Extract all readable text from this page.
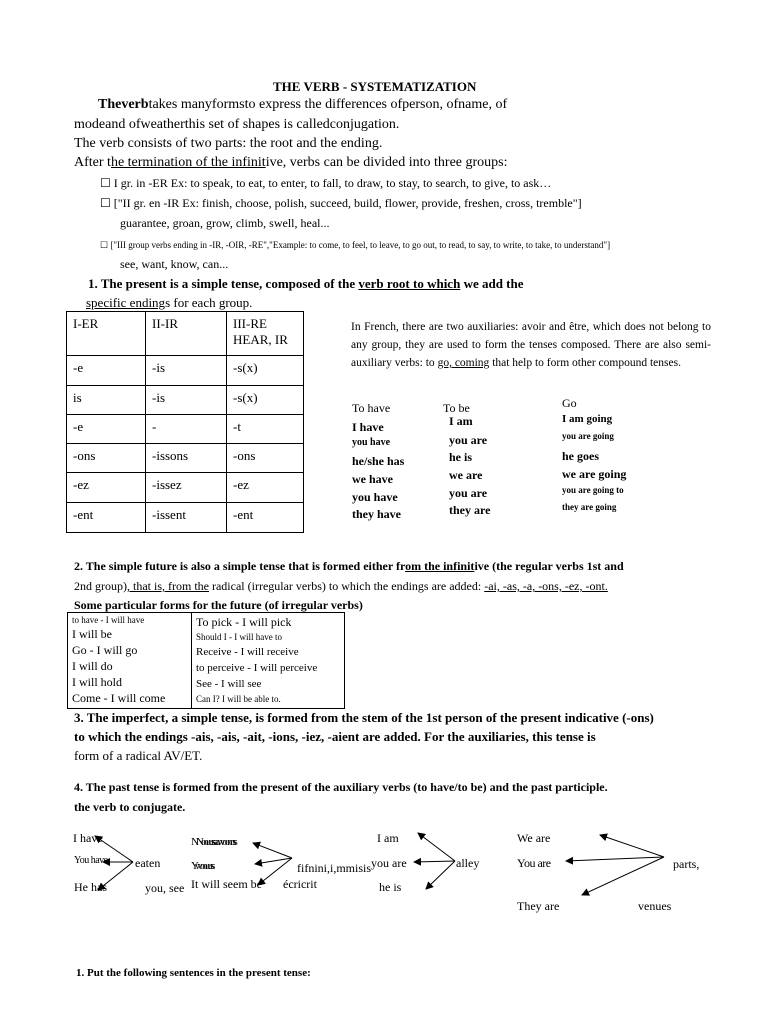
THE VERB - SYSTEMATIZATION
Theverbtakes manyformsto express the differences ofperson, ofname, of
modeand ofweatherthis set of shapes is calledconjugation.
The verb consists of two parts: the root and the ending.
After the termination of the infinitive, verbs can be divided into three groups:
☐ I gr. in -ER Ex: to speak, to eat, to enter, to fall, to draw, to stay, to search, to give, to ask…
☐ ["II gr. en -IR Ex: finish, choose, polish, succeed, build, flower, provide, freshen, cross, tremble"]
guarantee, groan, grow, climb, swell, heal...
☐ ["III group verbs ending in -IR, -OIR, -RE","Example: to come, to feel, to leave, to go out, to read, to say, to write, to take, to understand"]
see, want, know, can...
1. The present is a simple tense, composed of the verb root to which we add the
specific endings for each group.
I-ER	II-IR	III-RE HEAR, IR
-e	-is	-s(x)
is	-is	-s(x)
-e	-	-t
-ons	-issons	-ons
-ez	-issez	-ez
-ent	-issent	-ent
In French, there are two auxiliaries: avoir and être, which does not belong to any group, they are used to form the tenses composed. There are also semi-auxiliary verbs: to go, coming that help to form other compound tenses.
To have
I have
you have
he/she has
we have
you have
they have
To be
I am
you are
he is
we are
you are
they are
Go
I am going
you are going
he goes
we are going
you are going to
they are going
2. The simple future is also a simple tense that is formed either from the infinitive (the regular verbs 1st and
2nd group), that is, from the radical (irregular verbs) to which the endings are added: -ai, -as, -a, -ons, -ez, -ont.
Some particular forms for the future (of irregular verbs)
to have - I will have
I will be
Go - I will go
I will do
I will hold
Come - I will come

To pick - I will pick
Should I - I will have to
Receive - I will receive
to perceive - I will perceive
See - I will see
Can I? I will be able to.
3. The imperfect, a simple tense, is formed from the stem of the 1st person of the present indicative (-ons)
to which the endings -ais, -ais, -ait, -ions, -iez, -aient are added. For the auxiliaries, this tense is
form of a radical AV/ET.
4. The past tense is formed from the present of the auxiliary verbs (to have/to be) and the past participle.
the verb to conjugate.
I have
You have
He has
eaten
you, see
NNoouussaavvoonnss
Yvvoouuss
It will seem be
fifnini,i,mmisis
écricrit
I am
you are
he is
alley
We are
You are
They are
parts,
venues
1. Put the following sentences in the present tense:
